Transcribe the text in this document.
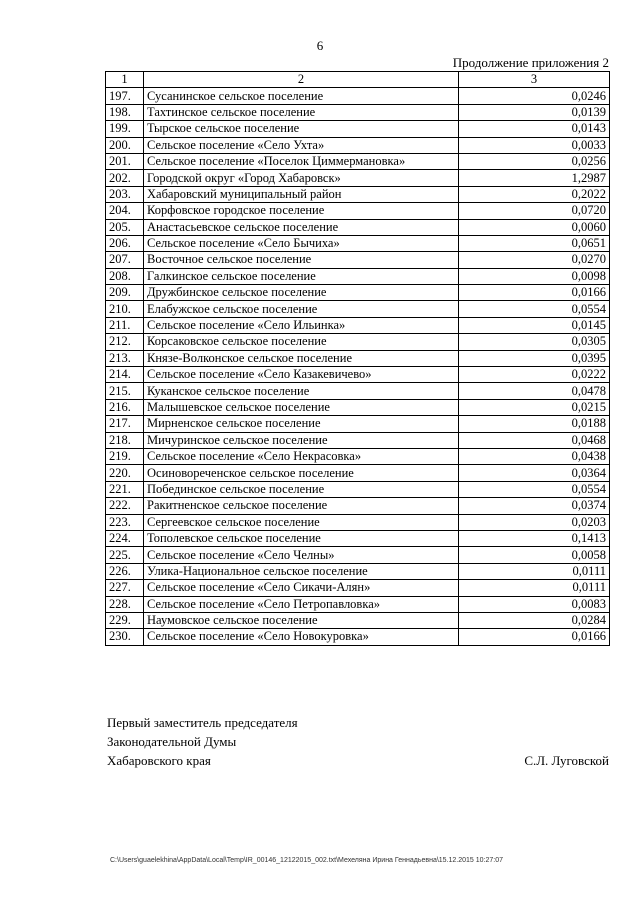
6
Продолжение приложения 2
1	2	3
197.	Сусанинское сельское поселение	0,0246
198.	Тахтинское сельское поселение	0,0139
199.	Тырское сельское поселение	0,0143
200.	Сельское поселение «Село Ухта»	0,0033
201.	Сельское поселение «Поселок Циммермановка»	0,0256
202.	Городской округ «Город Хабаровск»	1,2987
203.	Хабаровский муниципальный район	0,2022
204.	Корфовское городское поселение	0,0720
205.	Анастасьевское сельское поселение	0,0060
206.	Сельское поселение «Село Бычиха»	0,0651
207.	Восточное сельское поселение	0,0270
208.	Галкинское сельское поселение	0,0098
209.	Дружбинское сельское поселение	0,0166
210.	Елабужское сельское поселение	0,0554
211.	Сельское поселение «Село Ильинка»	0,0145
212.	Корсаковское сельское поселение	0,0305
213.	Князе-Волконское сельское поселение	0,0395
214.	Сельское поселение «Село Казакевичево»	0,0222
215.	Куканское сельское поселение	0,0478
216.	Малышевское сельское поселение	0,0215
217.	Мирненское сельское поселение	0,0188
218.	Мичуринское сельское поселение	0,0468
219.	Сельское поселение «Село Некрасовка»	0,0438
220.	Осиновореченское сельское поселение	0,0364
221.	Побединское сельское поселение	0,0554
222.	Ракитненское сельское поселение	0,0374
223.	Сергеевское сельское поселение	0,0203
224.	Тополевское сельское поселение	0,1413
225.	Сельское поселение «Село Челны»	0,0058
226.	Улика-Национальное сельское поселение	0,0111
227.	Сельское поселение «Село Сикачи-Алян»	0,0111
228.	Сельское поселение «Село Петропавловка»	0,0083
229.	Наумовское сельское поселение	0,0284
230.	Сельское поселение «Село Новокуровка»	0,0166
Первый заместитель председателя
Законодательной Думы
Хабаровского края	С.Л. Луговской
C:\Users\guaelekhina\AppData\Local\Temp\IR_00146_12122015_002.txt\Мехеляна Ирина Геннадьевна\15.12.2015 10:27:07
